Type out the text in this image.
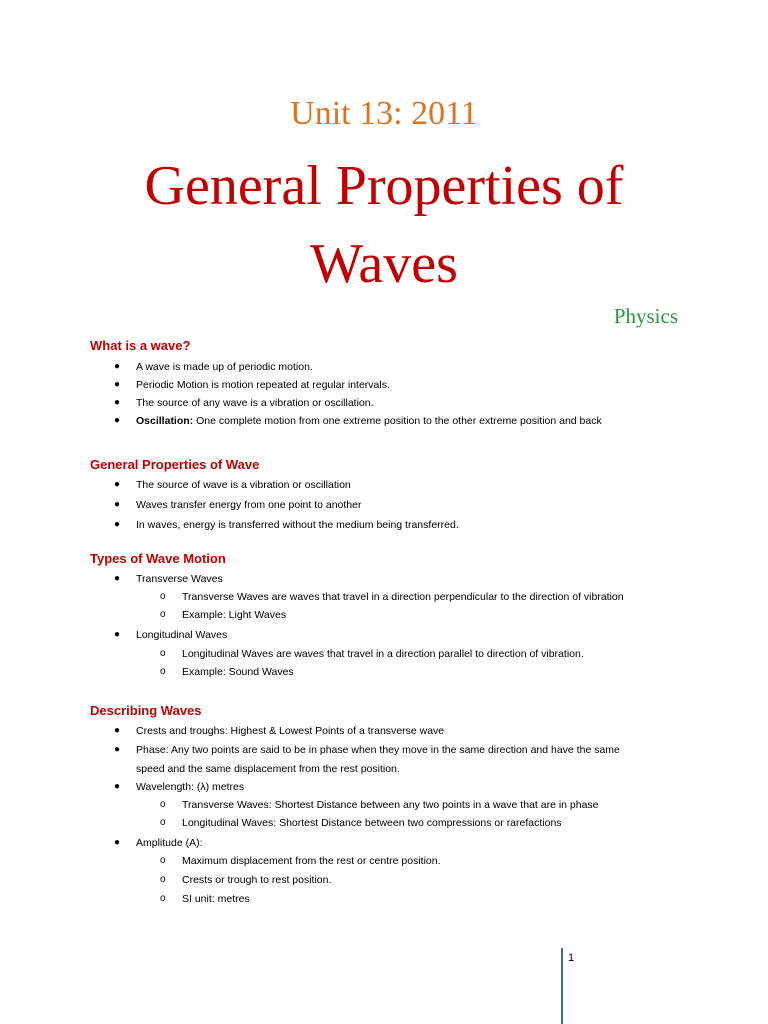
Unit 13: 2011
General Properties of
Waves
Physics
What is a wave?
● A wave is made up of periodic motion.
● Periodic Motion is motion repeated at regular intervals.
● The source of any wave is a vibration or oscillation.
● Oscillation: One complete motion from one extreme position to the other extreme position and back
General Properties of Wave
● The source of wave is a vibration or oscillation
● Waves transfer energy from one point to another
● In waves, energy is transferred without the medium being transferred.
Types of Wave Motion
● Transverse Waves
o Transverse Waves are waves that travel in a direction perpendicular to the direction of vibration
o Example: Light Waves
● Longitudinal Waves
o Longitudinal Waves are waves that travel in a direction parallel to direction of vibration.
o Example: Sound Waves
Describing Waves
● Crests and troughs: Highest & Lowest Points of a transverse wave
● Phase: Any two points are said to be in phase when they move in the same direction and have the same
speed and the same displacement from the rest position.
● Wavelength: (λ) metres
o Transverse Waves: Shortest Distance between any two points in a wave that are in phase
o Longitudinal Waves: Shortest Distance between two compressions or rarefactions
● Amplitude (A):
o Maximum displacement from the rest or centre position.
o Crests or trough to rest position.
o SI unit: metres
1
